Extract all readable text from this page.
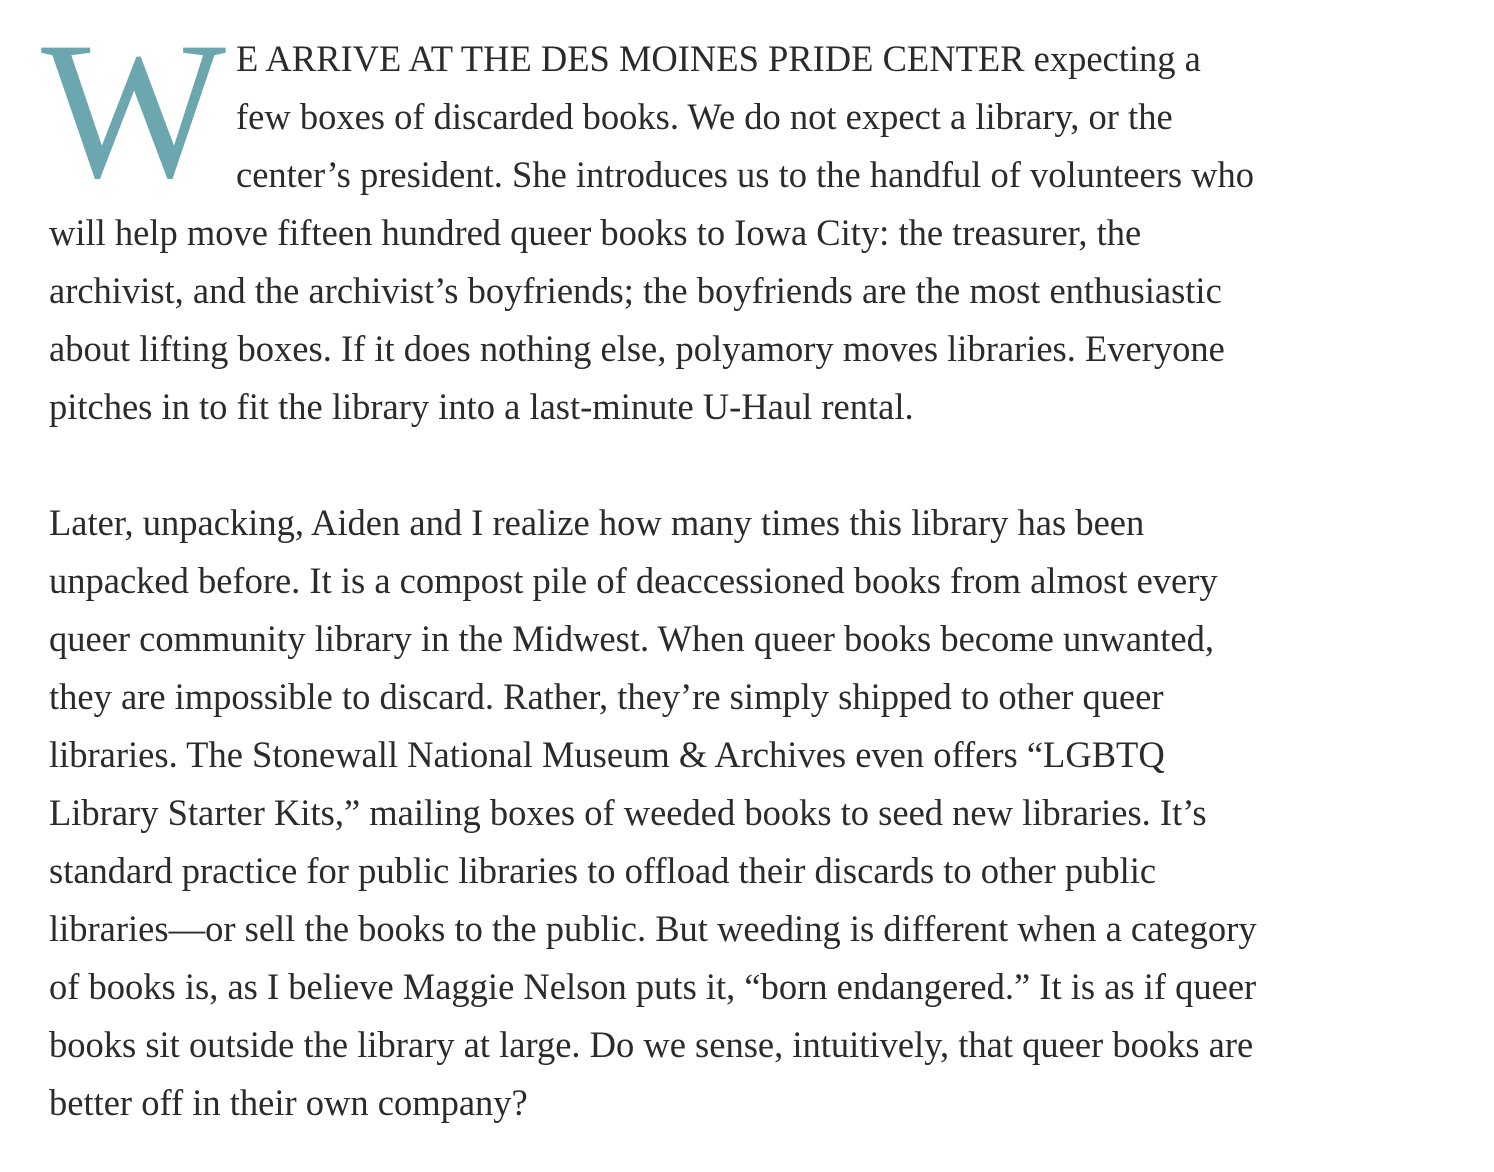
W E ARRIVE AT THE DES MOINES PRIDE CENTER expecting a
few boxes of discarded books. We do not expect a library, or the
center’s president. She introduces us to the handful of volunteers who
will help move fifteen hundred queer books to Iowa City: the treasurer, the
archivist, and the archivist’s boyfriends; the boyfriends are the most enthusiastic
about lifting boxes. If it does nothing else, polyamory moves libraries. Everyone
pitches in to fit the library into a last-minute U-Haul rental.

Later, unpacking, Aiden and I realize how many times this library has been
unpacked before. It is a compost pile of deaccessioned books from almost every
queer community library in the Midwest. When queer books become unwanted,
they are impossible to discard. Rather, they’re simply shipped to other queer
libraries. The Stonewall National Museum & Archives even offers “LGBTQ
Library Starter Kits,” mailing boxes of weeded books to seed new libraries. It’s
standard practice for public libraries to offload their discards to other public
libraries—or sell the books to the public. But weeding is different when a category
of books is, as I believe Maggie Nelson puts it, “born endangered.” It is as if queer
books sit outside the library at large. Do we sense, intuitively, that queer books are
better off in their own company?
